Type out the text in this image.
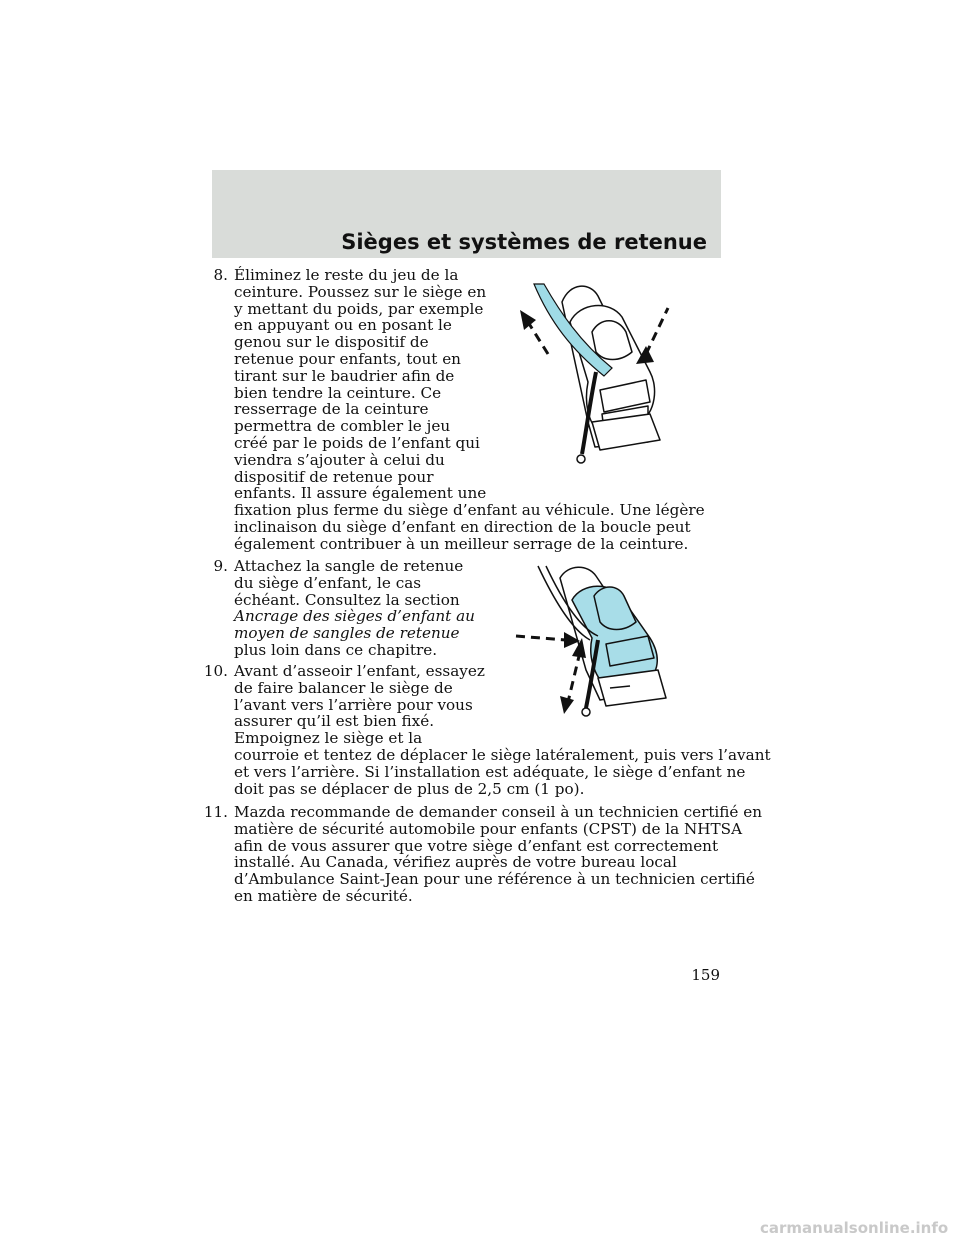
Sièges et systèmes de retenue
8. Éliminez le reste du jeu de la
ceinture. Poussez sur le siège en
y mettant du poids, par exemple
en appuyant ou en posant le
genou sur le dispositif de
retenue pour enfants, tout en
tirant sur le baudrier afin de
bien tendre la ceinture. Ce
resserrage de la ceinture
permettra de combler le jeu
créé par le poids de l’enfant qui
viendra s’ajouter à celui du
dispositif de retenue pour
enfants. Il assure également une
fixation plus ferme du siège d’enfant au véhicule. Une légère
inclinaison du siège d’enfant en direction de la boucle peut
également contribuer à un meilleur serrage de la ceinture.
9. Attachez la sangle de retenue
du siège d’enfant, le cas
échéant. Consultez la section
Ancrage des sièges d’enfant au
moyen de sangles de retenue
plus loin dans ce chapitre.
10. Avant d’asseoir l’enfant, essayez
de faire balancer le siège de
l’avant vers l’arrière pour vous
assurer qu’il est bien fixé.
Empoignez le siège et la
courroie et tentez de déplacer le siège latéralement, puis vers l’avant
et vers l’arrière. Si l’installation est adéquate, le siège d’enfant ne
doit pas se déplacer de plus de 2,5 cm (1 po).
11. Mazda recommande de demander conseil à un technicien certifié en
matière de sécurité automobile pour enfants (CPST) de la NHTSA
afin de vous assurer que votre siège d’enfant est correctement
installé. Au Canada, vérifiez auprès de votre bureau local
d’Ambulance Saint-Jean pour une référence à un technicien certifié
en matière de sécurité.
159
carmanualsonline.info
